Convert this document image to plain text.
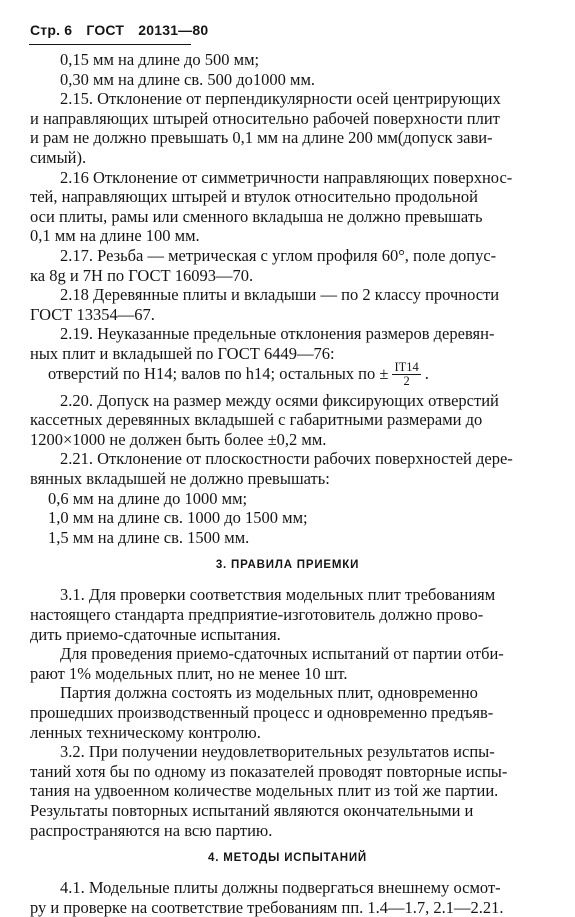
Стр. 6 ГОСТ 20131—80
0,15 мм на длине до 500 мм;
0,30 мм на длине св. 500 до1000 мм.
2.15. Отклонение от перпендикулярности осей центрирующих
и направляющих штырей относительно рабочей поверхности плит
и рам не должно превышать 0,1 мм на длине 200 мм(допуск зави-
симый).
2.16 Отклонение от симметричности направляющих поверхнос-
тей, направляющих штырей и втулок относительно продольной
оси плиты, рамы или сменного вкладыша не должно превышать
0,1 мм на длине 100 мм.
2.17. Резьба — метрическая с углом профиля 60°, поле допус-
ка 8g и 7H по ГОСТ 16093—70.
2.18 Деревянные плиты и вкладыши — по 2 классу прочности
ГОСТ 13354—67.
2.19. Неуказанные предельные отклонения размеров деревян-
ных плит и вкладышей по ГОСТ 6449—76:
отверстий по H14; валов по h14; остальных по ± $\frac{IT14}{2}$ .
2.20. Допуск на размер между осями фиксирующих отверстий
кассетных деревянных вкладышей с габаритными размерами до
1200×1000 не должен быть более ±0,2 мм.
2.21. Отклонение от плоскостности рабочих поверхностей дере-
вянных вкладышей не должно превышать:
0,6 мм на длине до 1000 мм;
1,0 мм на длине св. 1000 до 1500 мм;
1,5 мм на длине св. 1500 мм.
3. ПРАВИЛА ПРИЕМКИ
3.1. Для проверки соответствия модельных плит требованиям
настоящего стандарта предприятие-изготовитель должно прово-
дить приемо-сдаточные испытания.
Для проведения приемо-сдаточных испытаний от партии отби-
рают 1% модельных плит, но не менее 10 шт.
Партия должна состоять из модельных плит, одновременно
прошедших производственный процесс и одновременно предъяв-
ленных техническому контролю.
3.2. При получении неудовлетворительных результатов испы-
таний хотя бы по одному из показателей проводят повторные испы-
тания на удвоенном количестве модельных плит из той же партии.
Результаты повторных испытаний являются окончательными и
распространяются на всю партию.
4. МЕТОДЫ ИСПЫТАНИЙ
4.1. Модельные плиты должны подвергаться внешнему осмот-
ру и проверке на соответствие требованиям пп. 1.4—1.7, 2.1—2.21.
